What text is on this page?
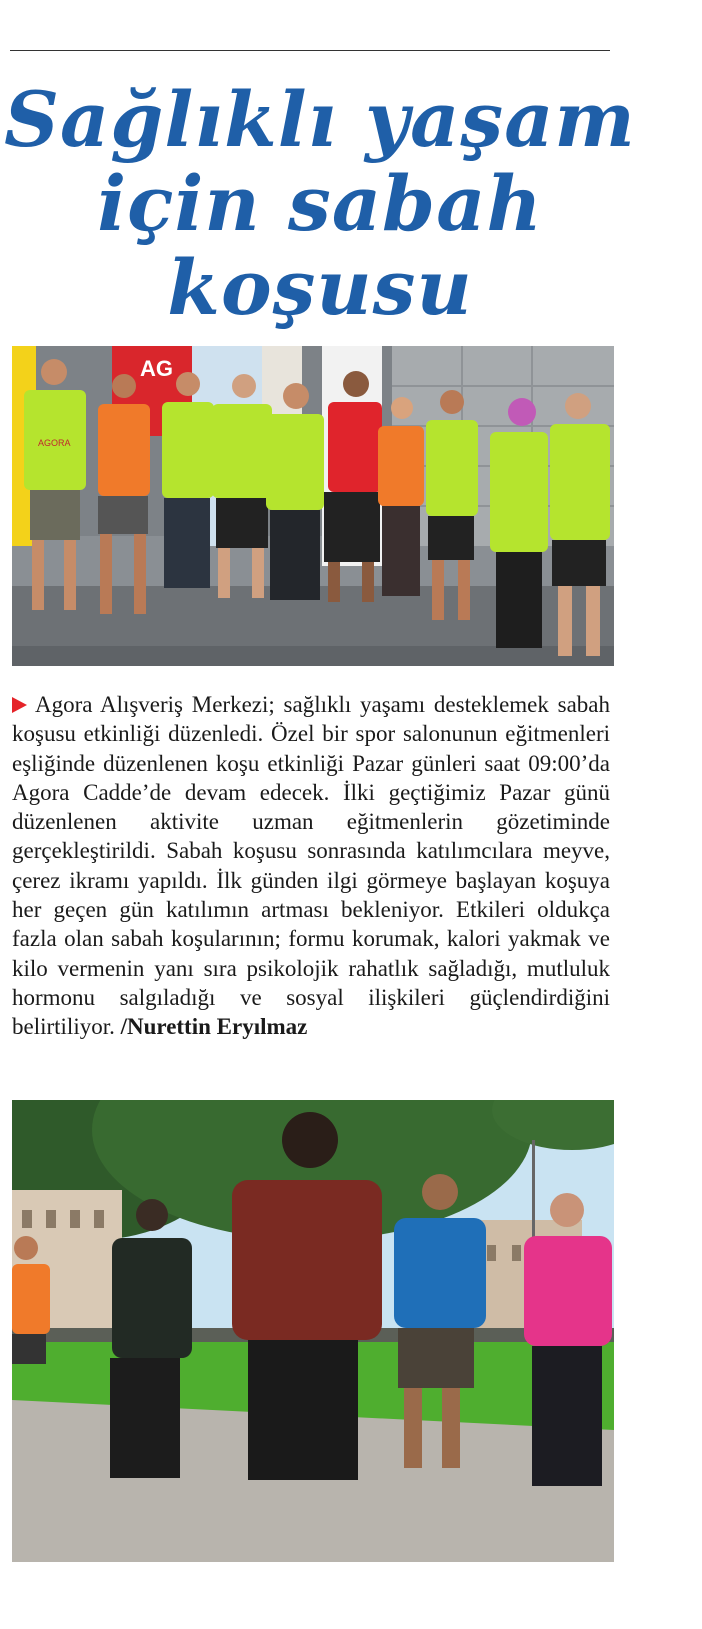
Sağlıklı yaşam için sabah koşusu
AG
AGORA
Agora Alışveriş Merkezi; sağlıklı yaşamı desteklemek sabah koşusu etkinliği düzenledi. Özel bir spor salonunun eğitmenleri eşliğinde düzenlenen koşu etkinliği Pazar günleri saat 09:00’da Agora Cadde’de devam edecek. İlki geçtiğimiz Pazar günü düzenlenen aktivite uzman eğitmenlerin gözetiminde gerçekleştirildi. Sabah koşusu sonrasında katılımcılara meyve, çerez ikramı yapıldı. İlk günden ilgi görmeye başlayan koşuya her geçen gün katılımın artması bekleniyor. Etkileri oldukça fazla olan sabah koşularının; formu korumak, kalori yakmak ve kilo vermenin yanı sıra psikolojik rahatlık sağladığı, mutluluk hormonu salgıladığı ve sosyal ilişkileri güçlendirdiğini belirtiliyor. /Nurettin Eryılmaz
